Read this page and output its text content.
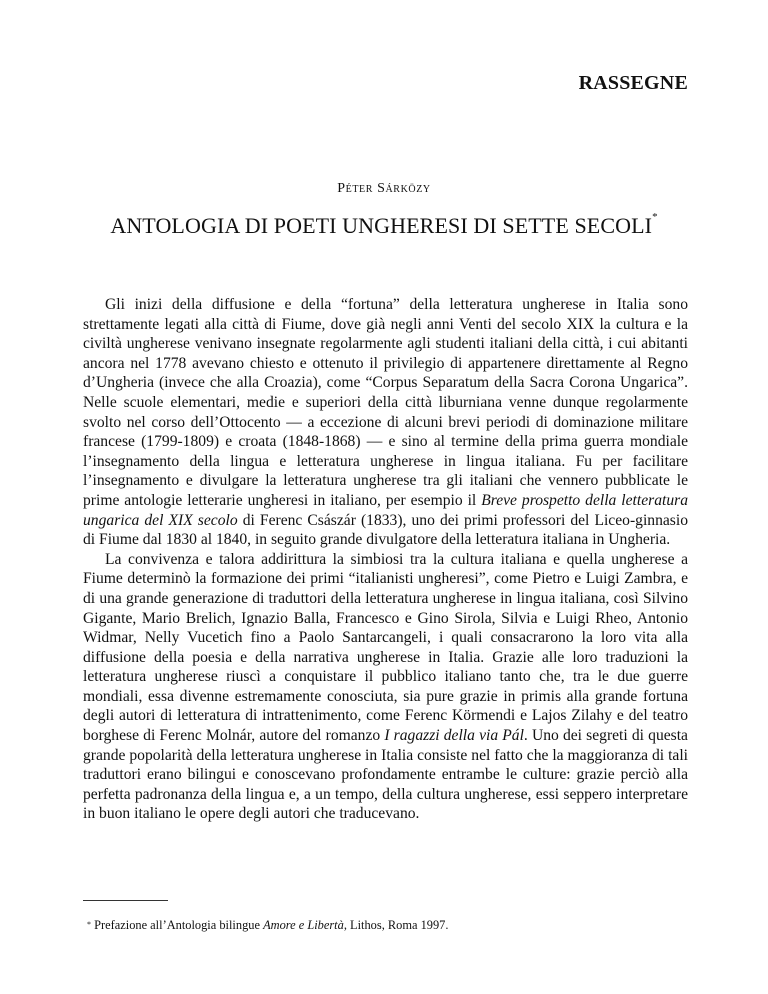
RASSEGNE
Péter Sárközy
ANTOLOGIA DI POETI UNGHERESI DI SETTE SECOLI*

Gli inizi della diffusione e della “fortuna” della letteratura ungherese in Italia sono strettamente legati alla città di Fiume, dove già negli anni Venti del secolo XIX la cultura e la civiltà ungherese venivano insegnate regolarmente agli studenti italiani della città, i cui abitanti ancora nel 1778 avevano chiesto e ottenuto il privilegio di appartenere direttamente al Regno d’Ungheria (invece che alla Croazia), come “Corpus Separatum della Sacra Corona Ungarica”. Nelle scuole elementari, medie e superiori della città liburniana venne dunque regolarmente svolto nel corso dell’Ottocento — a eccezione di alcuni brevi periodi di dominazione militare francese (1799-1809) e croata (1848-1868) — e sino al termine della prima guerra mondiale l’insegnamento della lingua e letteratura ungherese in lingua italiana. Fu per facilitare l’insegnamento e divulgare la letteratura ungherese tra gli italiani che vennero pubblicate le prime antologie letterarie ungheresi in italiano, per esempio il Breve prospetto della letteratura ungarica del XIX secolo di Ferenc Császár (1833), uno dei primi professori del Liceo-ginnasio di Fiume dal 1830 al 1840, in seguito grande divulgatore della letteratura italiana in Ungheria.

La convivenza e talora addirittura la simbiosi tra la cultura italiana e quella ungherese a Fiume determinò la formazione dei primi “italianisti ungheresi”, come Pietro e Luigi Zambra, e di una grande generazione di traduttori della letteratura ungherese in lingua italiana, così Silvino Gigante, Mario Brelich, Ignazio Balla, Francesco e Gino Sirola, Silvia e Luigi Rheo, Antonio Widmar, Nelly Vucetich fino a Paolo Santarcangeli, i quali consacrarono la loro vita alla diffusione della poesia e della narrativa ungherese in Italia. Grazie alle loro traduzioni la letteratura ungherese riuscì a conquistare il pubblico italiano tanto che, tra le due guerre mondiali, essa divenne estremamente conosciuta, sia pure grazie in primis alla grande fortuna degli autori di letteratura di intrattenimento, come Ferenc Körmendi e Lajos Zilahy e del teatro borghese di Ferenc Molnár, autore del romanzo I ragazzi della via Pál. Uno dei segreti di questa grande popolarità della letteratura ungherese in Italia consiste nel fatto che la maggioranza di tali traduttori erano bilingui e conoscevano profondamente entrambe le culture: grazie perciò alla perfetta padronanza della lingua e, a un tempo, della cultura ungherese, essi seppero interpretare in buon italiano le opere degli autori che traducevano.

* Prefazione all’Antologia bilingue Amore e Libertà, Lithos, Roma 1997.
